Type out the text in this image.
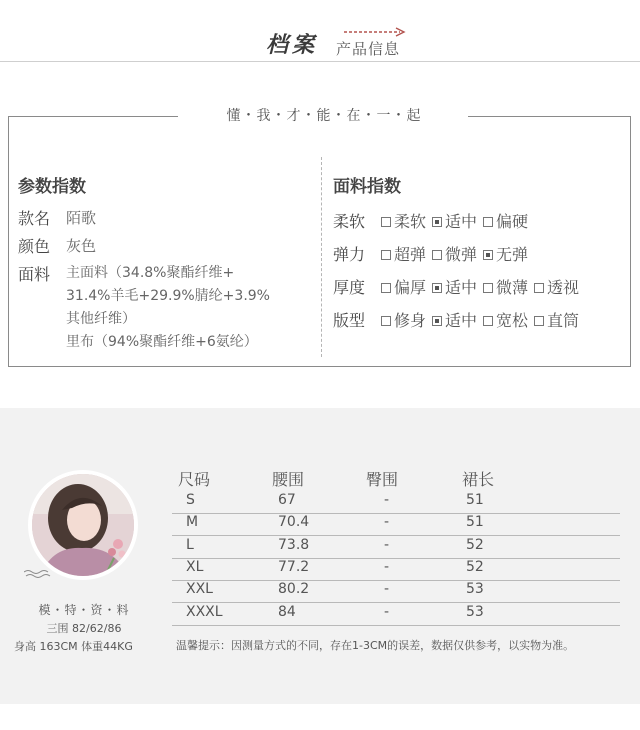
档案 产品信息
懂・我・才・能・在・一・起
参数指数
款名 陌歌
颜色 灰色
面料 主面料（34.8%聚酯纤维+
31.4%羊毛+29.9%腈纶+3.9%
其他纤维）
里布（94%聚酯纤维+6氨纶）
面料指数
柔软 柔软 适中 偏硬
弹力 超弹 微弹 无弹
厚度 偏厚 适中 微薄 透视
版型 修身 适中 宽松 直筒
模・特・资・料
三围 82/62/86
身高 163CM 体重44KG
尺码	腰围	臀围	裙长
S	67	-	51
M	70.4	-	51
L	73.8	-	52
XL	77.2	-	52
XXL	80.2	-	53
XXXL	84	-	53
温馨提示：因测量方式的不同，存在1-3CM的误差，数据仅供参考，以实物为准。
